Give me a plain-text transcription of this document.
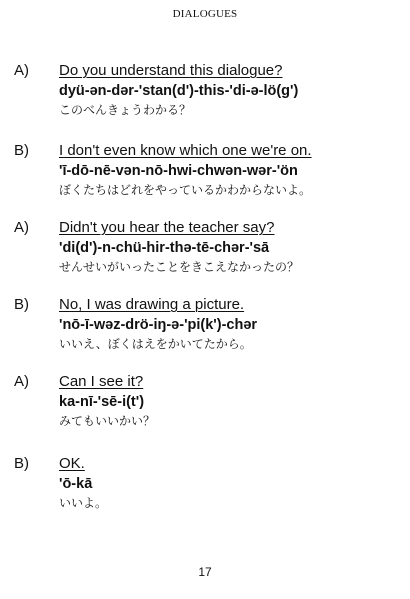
DIALOGUES
A) Do you understand this dialogue?
dyü-ən-dər-'stan(d')-this-'di-ə-lö(g')
このべんきょうわかる？
B) I don't even know which one we're on.
'ī-dō-nē-vən-nō-hwi-chwən-wər-'ön
ぼくたちはどれをやっているかわからないよ。
A) Didn't you hear the teacher say?
'di(d')-n-chü-hir-thə-tē-chər-'sā
せんせいがいったことをきこえなかったの？
B) No, I was drawing a picture.
'nō-ī-wəz-drö-iŋ-ə-'pi(k')-chər
いいえ、ぼくはえをかいてたから。
A) Can I see it?
ka-nī-'sē-i(t')
みてもいいかい？
B) OK.
'ō-kā
いいよ。
17
